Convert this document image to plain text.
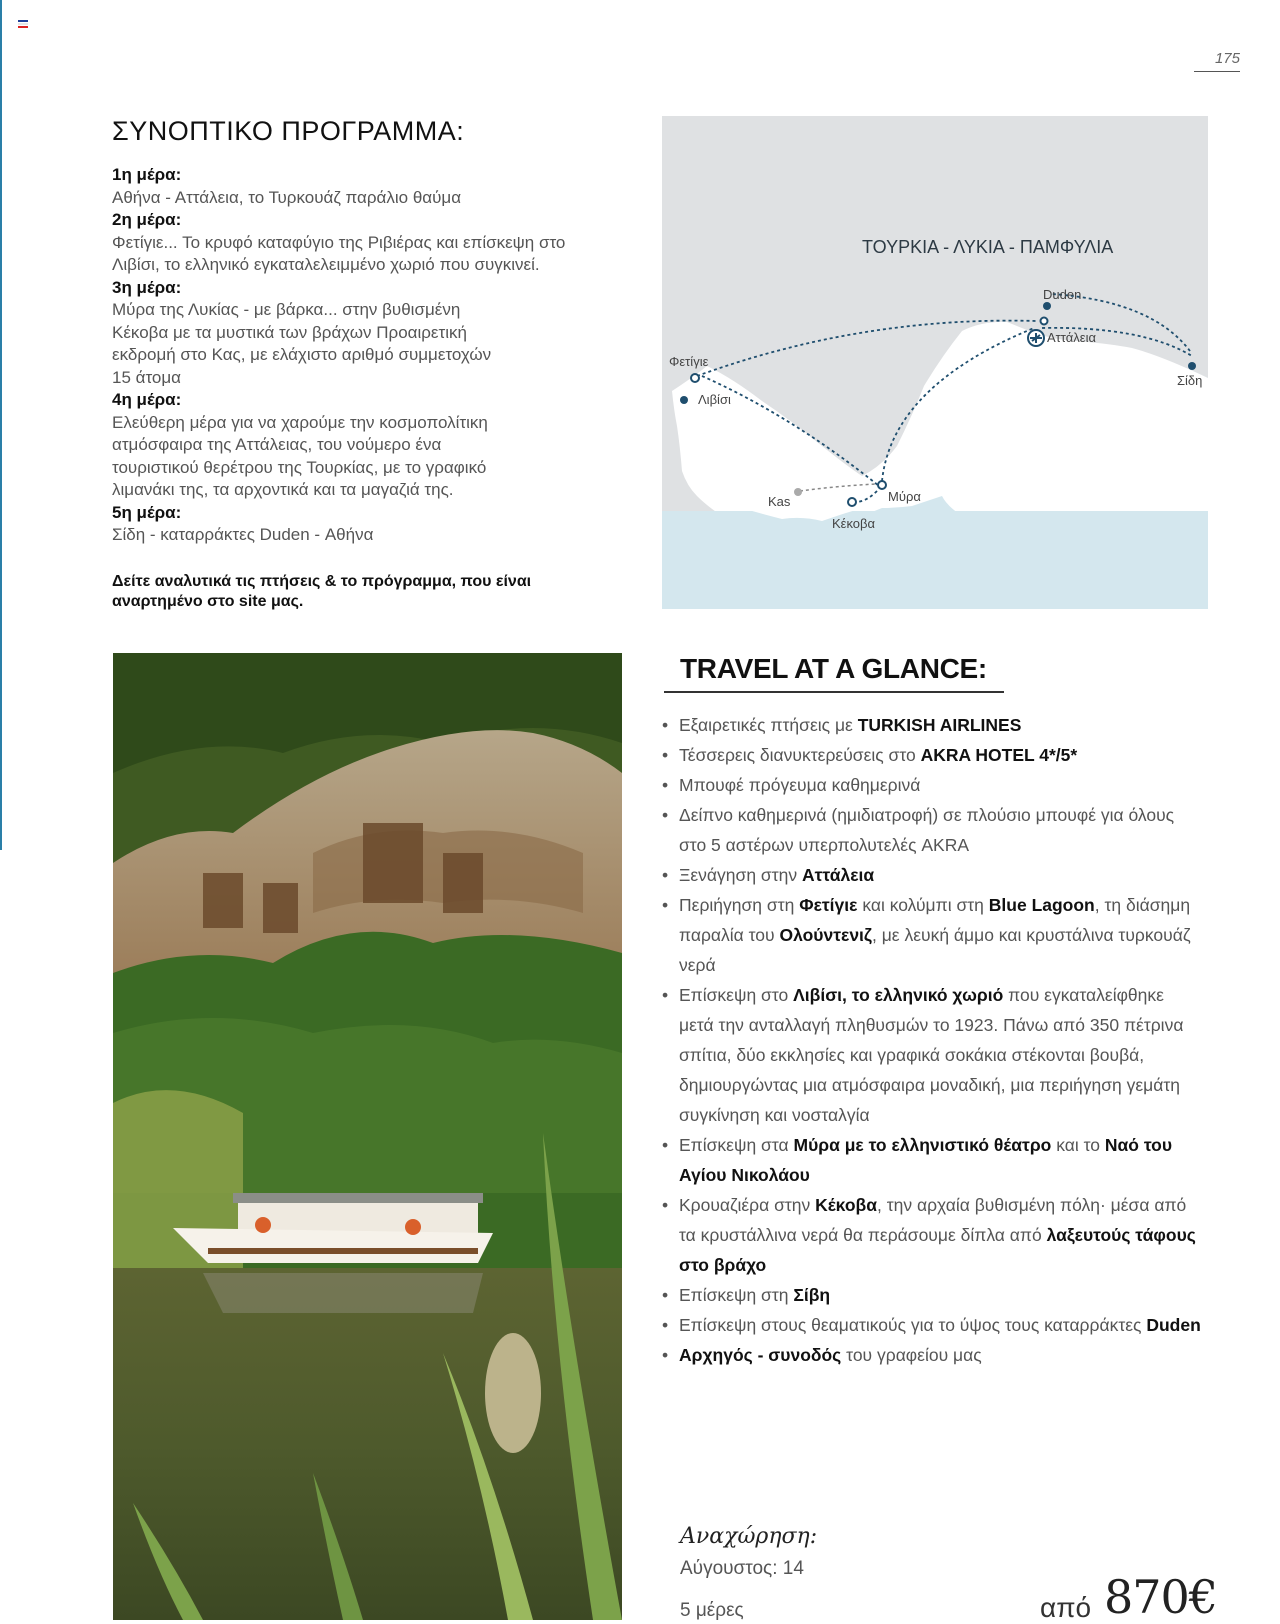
175
ΣΥΝΟΠΤΙΚΟ ΠΡΟΓΡΑΜΜΑ:
1η μέρα:
Αθήνα - Αττάλεια, το Τυρκουάζ παράλιο θαύμα
2η μέρα:
Φετίγιε... Το κρυφό καταφύγιο της Ριβιέρας και επίσκεψη στο Λιβίσι, το ελληνικό εγκαταλελειμμένο χωριό που συγκινεί.
3η μέρα:
Μύρα της Λυκίας - με βάρκα... στην βυθισμένη Κέκοβα με τα μυστικά των βράχων Προαιρετική εκδρομή στο Κας, με ελάχιστο αριθμό συμμετοχών 15 άτομα
4η μέρα:
Ελεύθερη μέρα για να χαρούμε την κοσμοπολίτικη ατμόσφαιρα της Αττάλειας, του νούμερο ένα τουριστικού θερέτρου της Τουρκίας, με το γραφικό λιμανάκι της, τα αρχοντικά και τα μαγαζιά της.
5η μέρα:
Σίδη - καταρράκτες Duden - Αθήνα
Δείτε αναλυτικά τις πτήσεις & το πρόγραμμα, που είναι αναρτημένο στο site μας.
ΤΟΥΡΚΙΑ - ΛΥΚΙΑ - ΠΑΜΦΥΛΙΑ
Φετίγιε
Λιβίσι
Kas	Μύρα
Κέκοβα
Αττάλεια
Duden
Σίδη
TRAVEL AT A GLANCE:
• Εξαιρετικές πτήσεις με TURKISH AIRLINES
• Τέσσερεις διανυκτερεύσεις στο AKRA HOTEL 4*/5*
• Μπουφέ πρόγευμα καθημερινά
• Δείπνο καθημερινά (ημιδιατροφή) σε πλούσιο μπουφέ για όλους στο 5 αστέρων υπερπολυτελές AKRA
• Ξενάγηση στην Αττάλεια
• Περιήγηση στη Φετίγιε και κολύμπι στη Blue Lagoon, τη διάσημη παραλία του Ολούντενιζ, με λευκή άμμο και κρυστάλινα τυρκουάζ νερά
• Επίσκεψη στο Λιβίσι, το ελληνικό χωριό που εγκαταλείφθηκε μετά την ανταλλαγή πληθυσμών το 1923. Πάνω από 350 πέτρινα σπίτια, δύο εκκλησίες και γραφικά σοκάκια στέκονται βουβά, δημιουργώντας μια ατμόσφαιρα μοναδική, μια περιήγηση γεμάτη συγκίνηση και νοσταλγία
• Επίσκεψη στα Μύρα με το ελληνιστικό θέατρο και το Ναό του Αγίου Νικολάου
• Κρουαζιέρα στην Κέκοβα, την αρχαία βυθισμένη πόλη· μέσα από τα κρυστάλλινα νερά θα περάσουμε δίπλα από λαξευτούς τάφους στο βράχο
• Επίσκεψη στη Σίβη
• Επίσκεψη στους θεαματικούς για το ύψος τους καταρράκτες Duden
• Αρχηγός - συνοδός του γραφείου μας
Αναχώρηση:
Αύγουστος: 14
5 μέρες	από 870€
